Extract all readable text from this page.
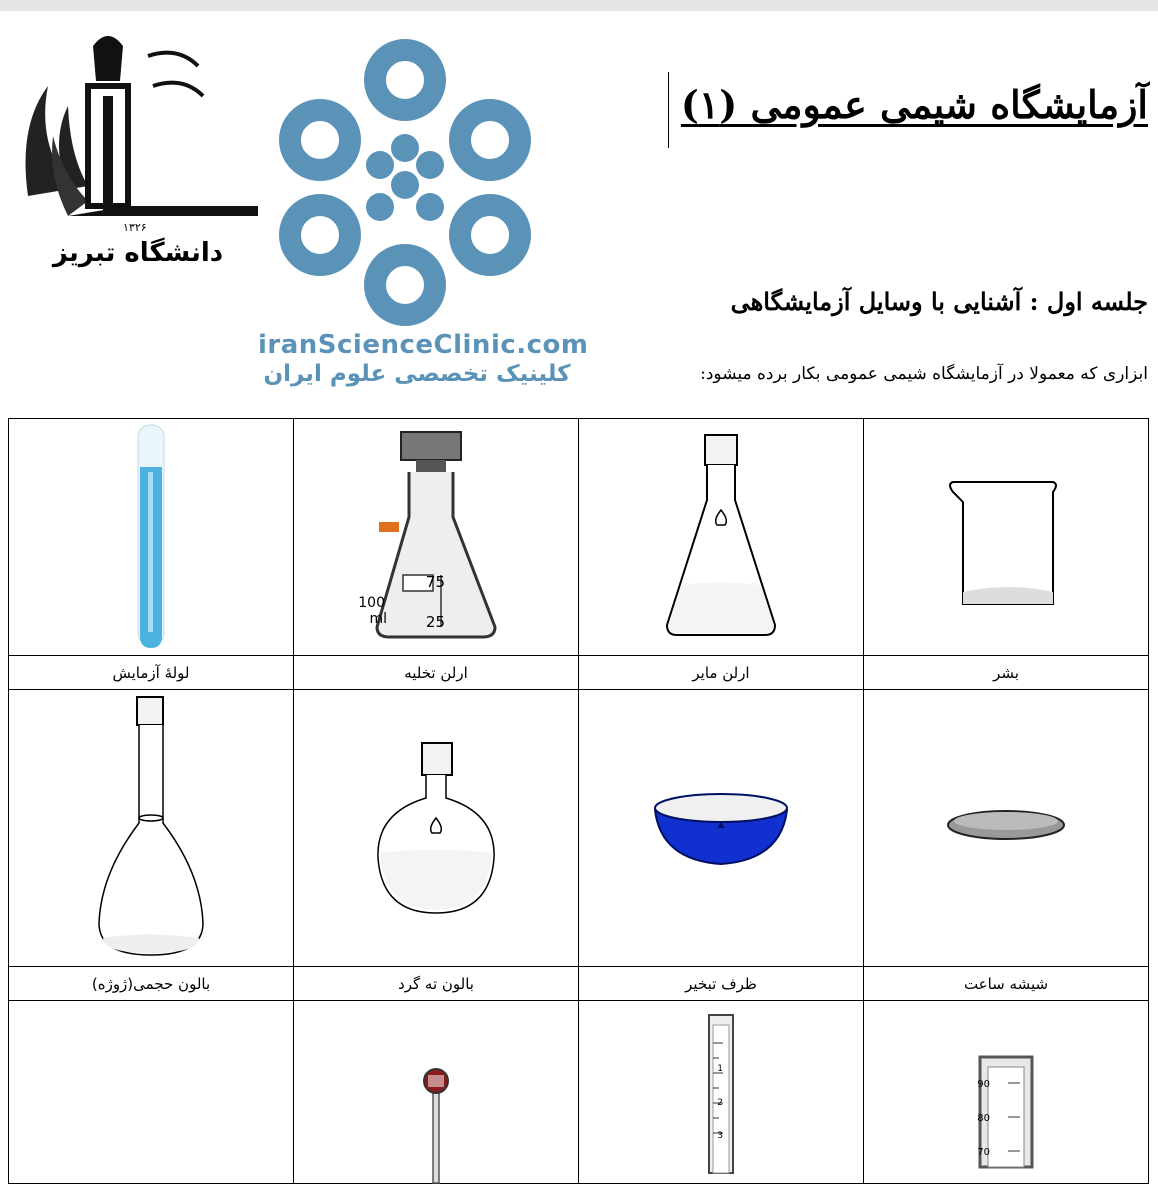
۱۳۲۶
دانشگاه تبریز
iranScienceClinic.com
کلینیک تخصصی علوم ایران
آزمایشگاه شیمی عمومی (۱)
جلسه اول : آشنایی با وسایل آزمایشگاهی
ابزاری که معمولا در آزمایشگاه شیمی عمومی بکار برده میشود:

75
100
ml 25

بشر	ارلن مایر	ارلن تخلیه	لولهٔ آزمایش

شیشه ساعت	ظرف تبخیر	بالون ته گرد	بالون حجمی(ژوژه)

90
80
70	1
2
3
